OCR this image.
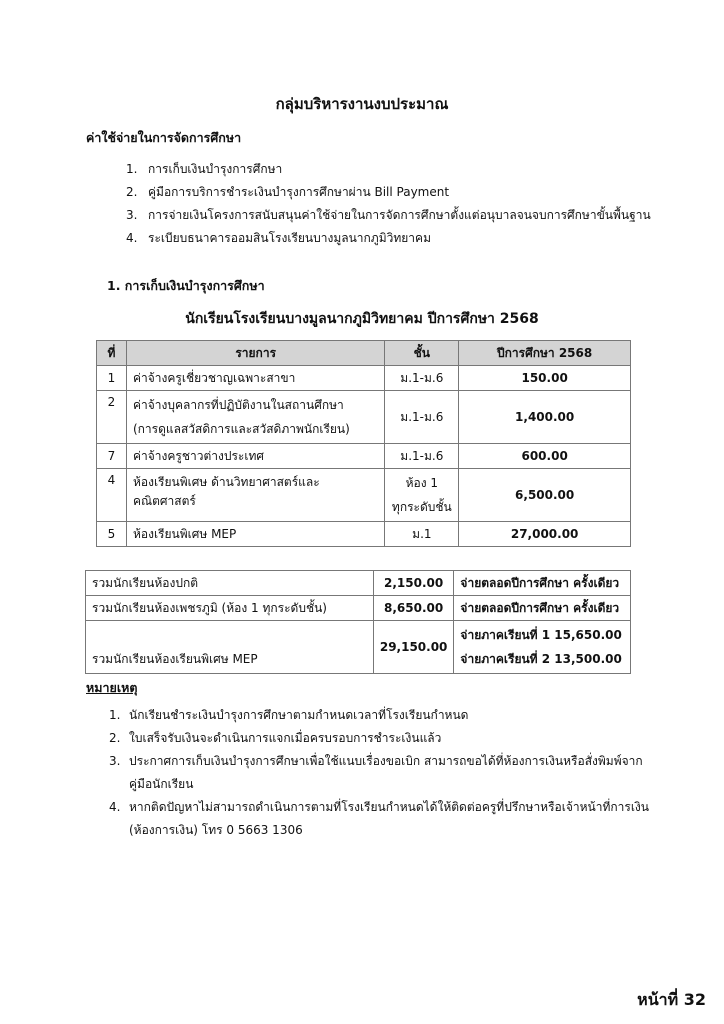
กลุ่มบริหารงานงบประมาณ
ค่าใช้จ่ายในการจัดการศึกษา
1. การเก็บเงินบำรุงการศึกษา
2. คู่มือการบริการชำระเงินบำรุงการศึกษาผ่าน Bill Payment
3. การจ่ายเงินโครงการสนับสนุนค่าใช้จ่ายในการจัดการศึกษาตั้งแต่อนุบาลจนจบการศึกษาขั้นพื้นฐาน
4. ระเบียบธนาคารออมสินโรงเรียนบางมูลนากภูมิวิทยาคม
1. การเก็บเงินบำรุงการศึกษา
นักเรียนโรงเรียนบางมูลนากภูมิวิทยาคม ปีการศึกษา 2568
ที่	รายการ	ชั้น	ปีการศึกษา 2568
1	ค่าจ้างครูเชี่ยวชาญเฉพาะสาขา	ม.1-ม.6	150.00
2	ค่าจ้างบุคลากรที่ปฏิบัติงานในสถานศึกษา
(การดูแลสวัสดิการและสวัสดิภาพนักเรียน)	ม.1-ม.6	1,400.00
7	ค่าจ้างครูชาวต่างประเทศ	ม.1-ม.6	600.00
4	ห้องเรียนพิเศษ ด้านวิทยาศาสตร์และคณิตศาสตร์	ห้อง 1
ทุกระดับชั้น	6,500.00
5	ห้องเรียนพิเศษ MEP	ม.1	27,000.00
รวมนักเรียนห้องปกติ	2,150.00	จ่ายตลอดปีการศึกษา ครั้งเดียว
รวมนักเรียนห้องเพชรภูมิ (ห้อง 1 ทุกระดับชั้น)	8,650.00	จ่ายตลอดปีการศึกษา ครั้งเดียว
รวมนักเรียนห้องเรียนพิเศษ MEP	29,150.00	จ่ายภาคเรียนที่ 1 15,650.00
จ่ายภาคเรียนที่ 2 13,500.00
หมายเหตุ
1. นักเรียนชำระเงินบำรุงการศึกษาตามกำหนดเวลาที่โรงเรียนกำหนด
2. ใบเสร็จรับเงินจะดำเนินการแจกเมื่อครบรอบการชำระเงินแล้ว
3. ประกาศการเก็บเงินบำรุงการศึกษาเพื่อใช้แนบเรื่องขอเบิก สามารถขอได้ที่ห้องการเงินหรือสั่งพิมพ์จาก
คู่มือนักเรียน
4. หากติดปัญหาไม่สามารถดำเนินการตามที่โรงเรียนกำหนดได้ให้ติดต่อครูที่ปรึกษาหรือเจ้าหน้าที่การเงิน
(ห้องการเงิน) โทร 0 5663 1306
หน้าที่ 32
